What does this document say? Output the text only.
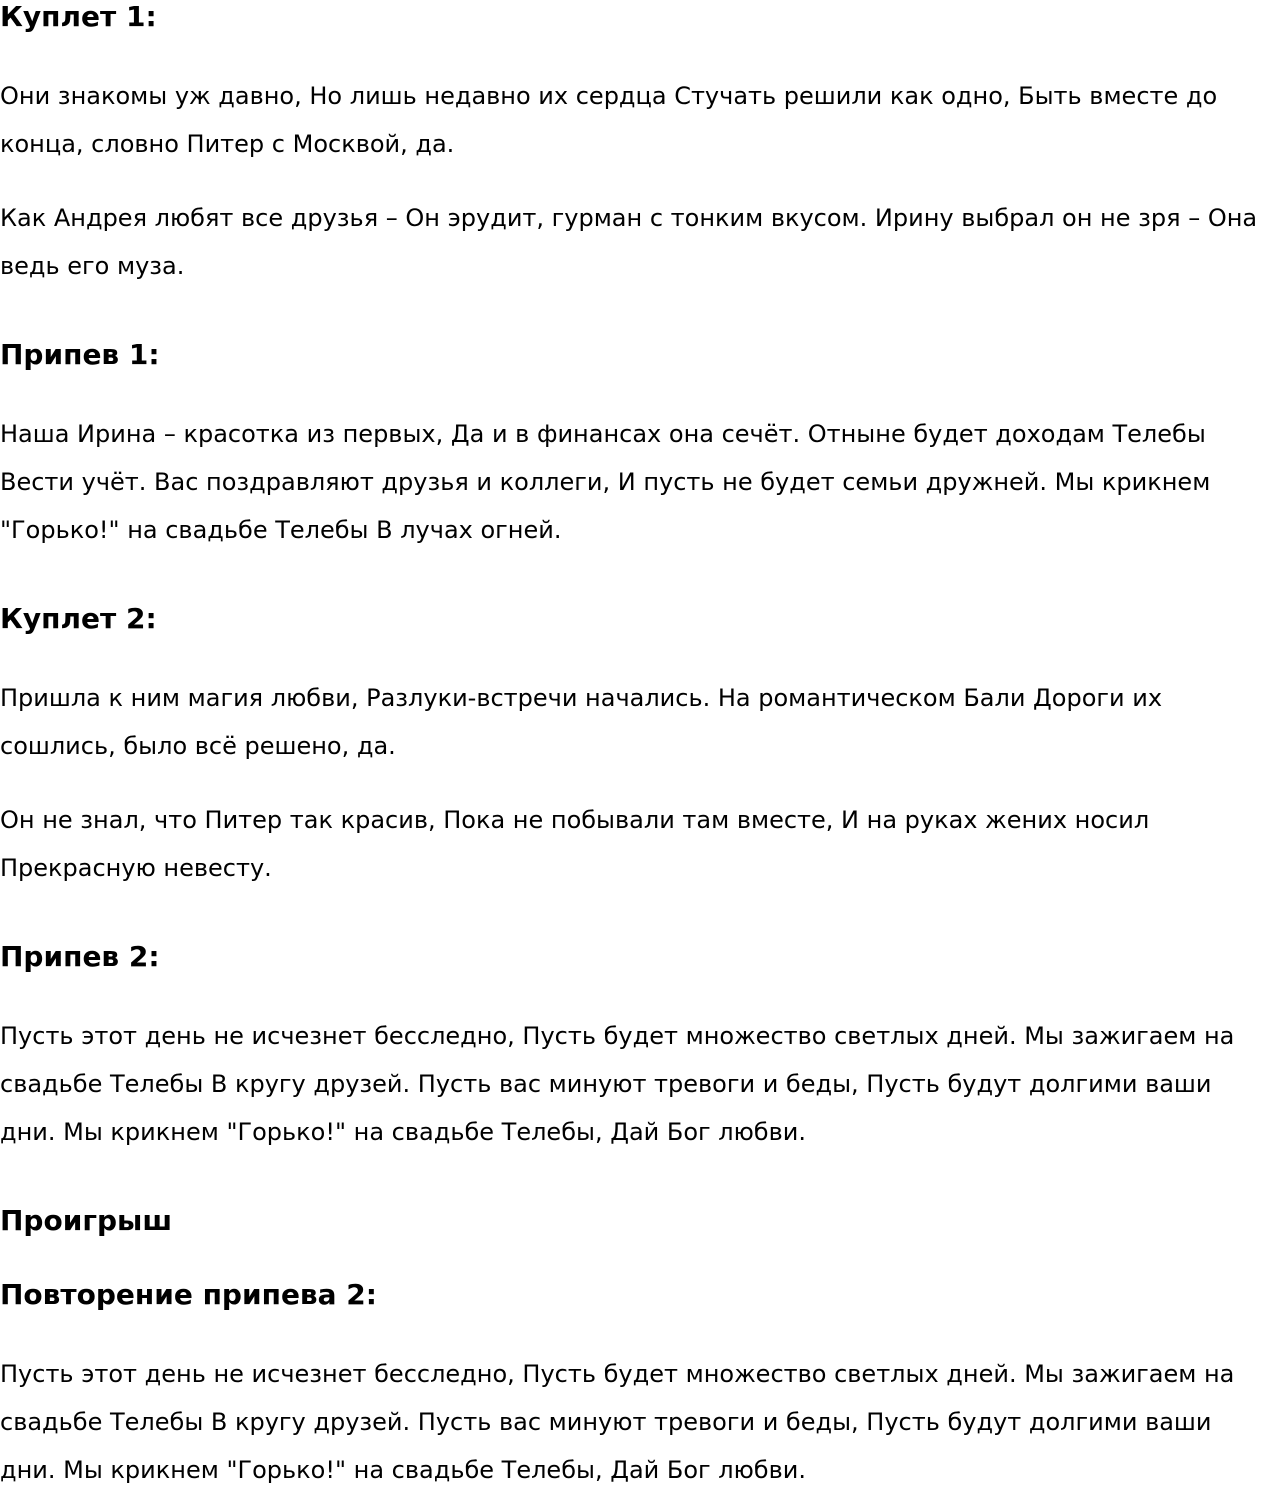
Куплет 1:

Они знакомы уж давно, Но лишь недавно их сердца Стучать решили как одно, Быть вместе до конца, словно Питер с Москвой, да.

Как Андрея любят все друзья – Он эрудит, гурман с тонким вкусом. Ирину выбрал он не зря – Она ведь его муза.

Припев 1:

Наша Ирина – красотка из первых, Да и в финансах она сечёт. Отныне будет доходам Телебы Вести учёт. Вас поздравляют друзья и коллеги, И пусть не будет семьи дружней. Мы крикнем "Горько!" на свадьбе Телебы В лучах огней.

Куплет 2:

Пришла к ним магия любви, Разлуки-встречи начались. На романтическом Бали Дороги их сошлись, было всё решено, да.

Он не знал, что Питер так красив, Пока не побывали там вместе, И на руках жених носил Прекрасную невесту.

Припев 2:

Пусть этот день не исчезнет бесследно, Пусть будет множество светлых дней. Мы зажигаем на свадьбе Телебы В кругу друзей. Пусть вас минуют тревоги и беды, Пусть будут долгими ваши дни. Мы крикнем "Горько!" на свадьбе Телебы, Дай Бог любви.

Проигрыш
Повторение припева 2:

Пусть этот день не исчезнет бесследно, Пусть будет множество светлых дней. Мы зажигаем на свадьбе Телебы В кругу друзей. Пусть вас минуют тревоги и беды, Пусть будут долгими ваши дни. Мы крикнем "Горько!" на свадьбе Телебы, Дай Бог любви.
